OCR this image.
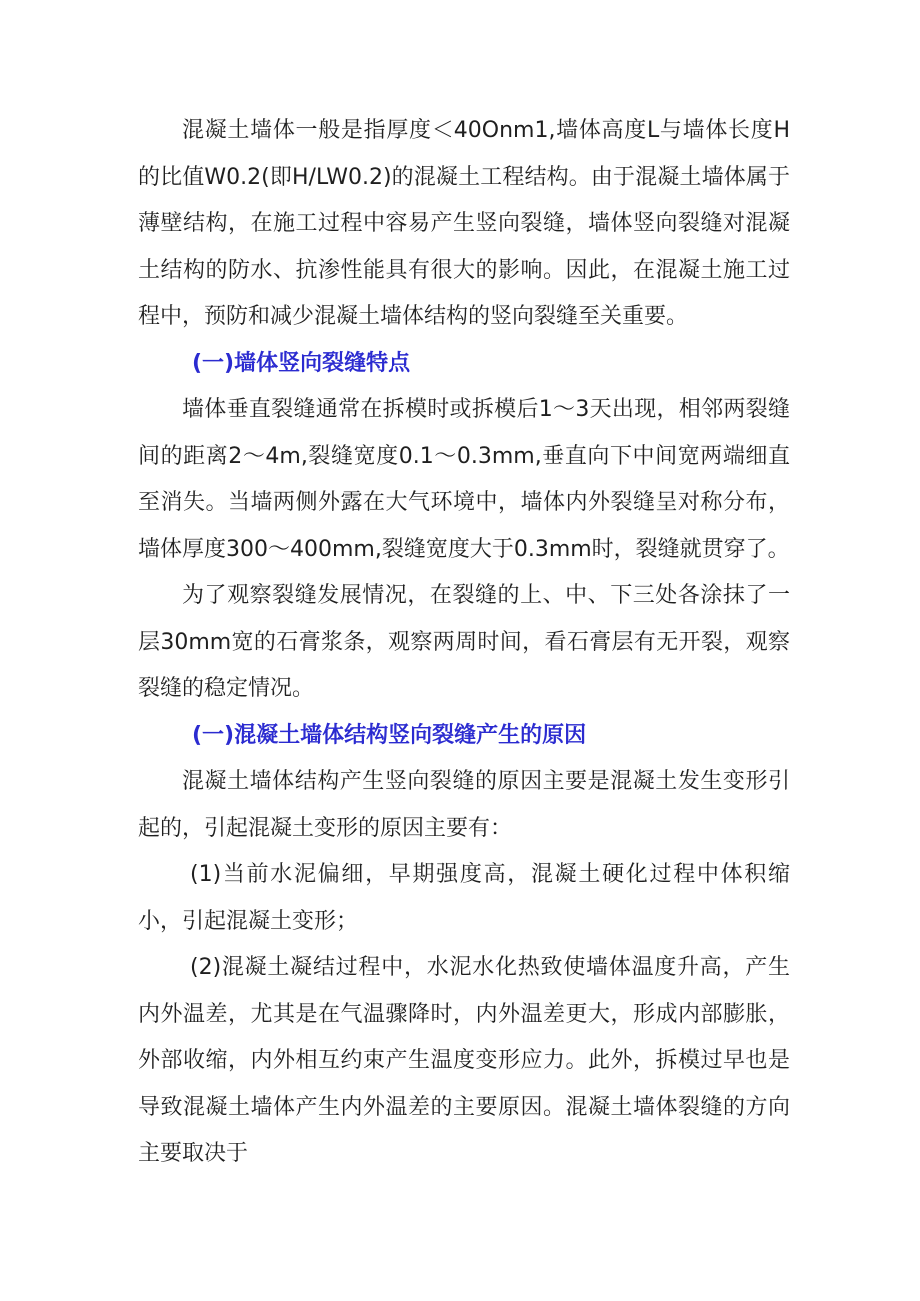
混凝土墙体一般是指厚度＜40Onm1,墙体高度L与墙体长度H的比值W0.2(即H/LW0.2)的混凝土工程结构。由于混凝土墙体属于薄壁结构，在施工过程中容易产生竖向裂缝，墙体竖向裂缝对混凝土结构的防水、抗渗性能具有很大的影响。因此，在混凝土施工过程中，预防和减少混凝土墙体结构的竖向裂缝至关重要。

(一)墙体竖向裂缝特点

墙体垂直裂缝通常在拆模时或拆模后1～3天出现，相邻两裂缝间的距离2～4m,裂缝宽度0.1～0.3mm,垂直向下中间宽两端细直至消失。当墙两侧外露在大气环境中，墙体内外裂缝呈对称分布，墙体厚度300～400mm,裂缝宽度大于0.3mm时，裂缝就贯穿了。

为了观察裂缝发展情况，在裂缝的上、中、下三处各涂抹了一层30mm宽的石膏浆条，观察两周时间，看石膏层有无开裂，观察裂缝的稳定情况。

(一)混凝土墙体结构竖向裂缝产生的原因

混凝土墙体结构产生竖向裂缝的原因主要是混凝土发生变形引起的，引起混凝土变形的原因主要有：

(1)当前水泥偏细，早期强度高，混凝土硬化过程中体积缩小，引起混凝土变形；

(2)混凝土凝结过程中，水泥水化热致使墙体温度升高，产生内外温差，尤其是在气温骤降时，内外温差更大，形成内部膨胀，外部收缩，内外相互约束产生温度变形应力。此外，拆模过早也是导致混凝土墙体产生内外温差的主要原因。混凝土墙体裂缝的方向主要取决于
